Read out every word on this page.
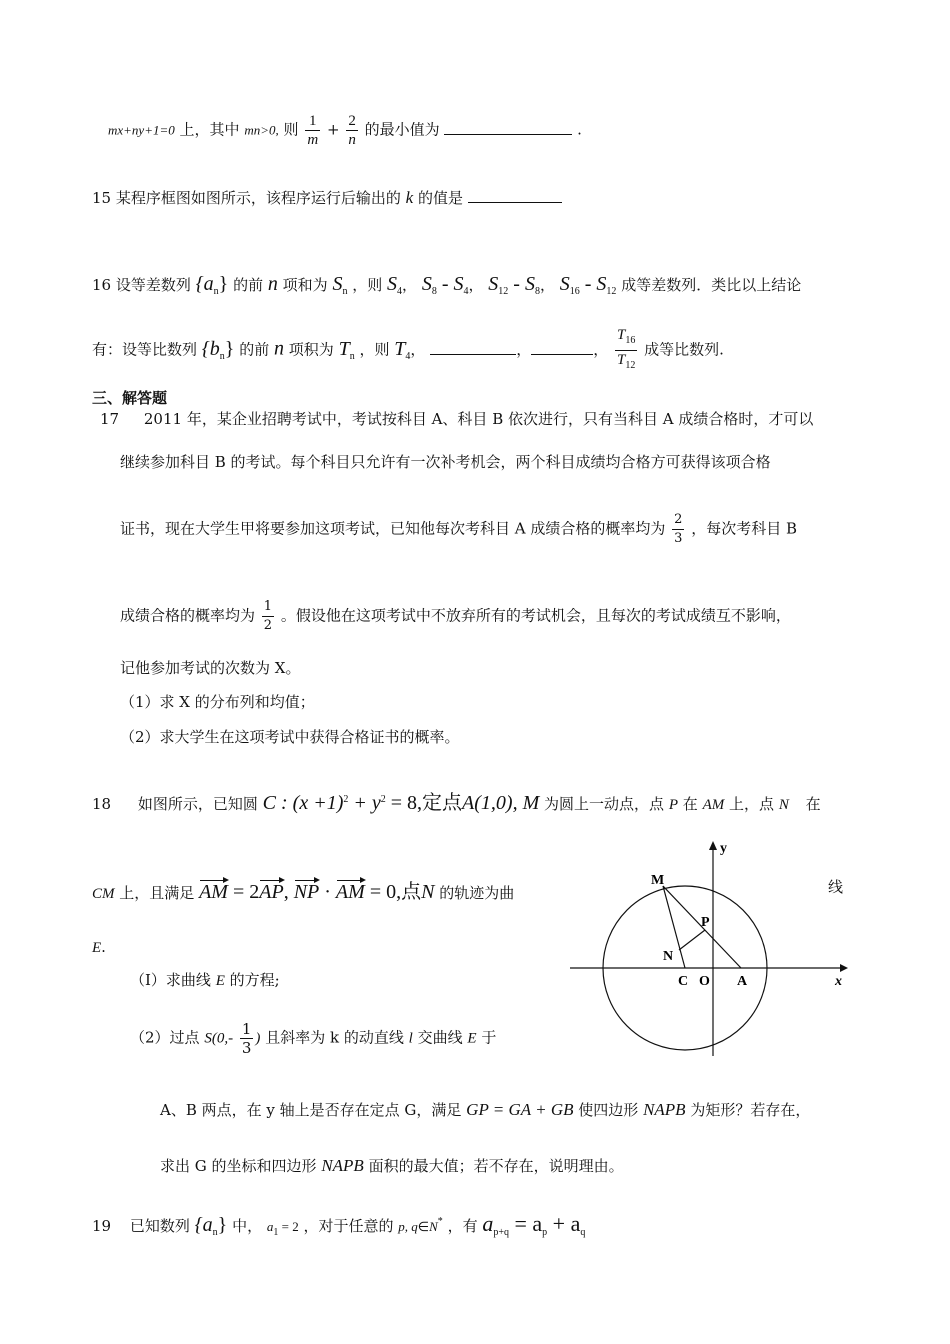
mx+ny+1=0 上，其中 mn>0, 则 $\frac{1}{m} + \frac{2}{n}$ 的最小值为	.
15 某程序框图如图所示，该程序运行后输出的 k 的值是
16 设等差数列 $\{a_n\}$ 的前 n 项和为 $S_n$ ，则 $S_4$， $S_8 - S_4$， $S_{12} - S_8$， $S_{16} - S_{12}$ 成等差数列．类比以上结论
有：设等比数列 $\{b_n\}$ 的前 n 项积为 $T_n$ ，则 $T_4$，	，	， $\frac{T_{16}}{T_{12}}$ 成等比数列.
三、解答题
17 2011 年，某企业招聘考试中，考试按科目 A、科目 B 依次进行，只有当科目 A 成绩合格时，才可以
继续参加科目 B 的考试。每个科目只允许有一次补考机会，两个科目成绩均合格方可获得该项合格
证书，现在大学生甲将要参加这项考试，已知他每次考科目 A 成绩合格的概率均为 $\frac{2}{3}$ ，每次考科目 B
成绩合格的概率均为 $\frac{1}{2}$ 。假设他在这项考试中不放弃所有的考试机会，且每次的考试成绩互不影响，
记他参加考试的次数为 X。
（1）求 X 的分布列和均值；
（2）求大学生在这项考试中获得合格证书的概率。
18 如图所示，已知圆 C : $(x +1)^2 + y^2 = 8$,定点A(1,0), M 为圆上一动点，点 P 在 AM 上，点 N 在
CM 上，且满足 AM = 2AP, NP · AM = 0,点N 的轨迹为曲	线
E.
（I）求曲线 E 的方程;
（2）过点 $S(0,- \frac{1}{3}$ ) 且斜率为 k 的动直线 l 交曲线 E 于
A、B 两点，在 y 轴上是否存在定点 G，满足 GP = GA + GB 使四边形 NAPB 为矩形？若存在，
求出 G 的坐标和四边形 NAPB 面积的最大值；若不存在，说明理由。
y
x
M
P
N
C O A
19 已知数列 $\{a_n\}$ 中， $a_1 = 2$ ，对于任意的 p, q∈N* ，有 $a_{p+q} = a_p + a_q$
